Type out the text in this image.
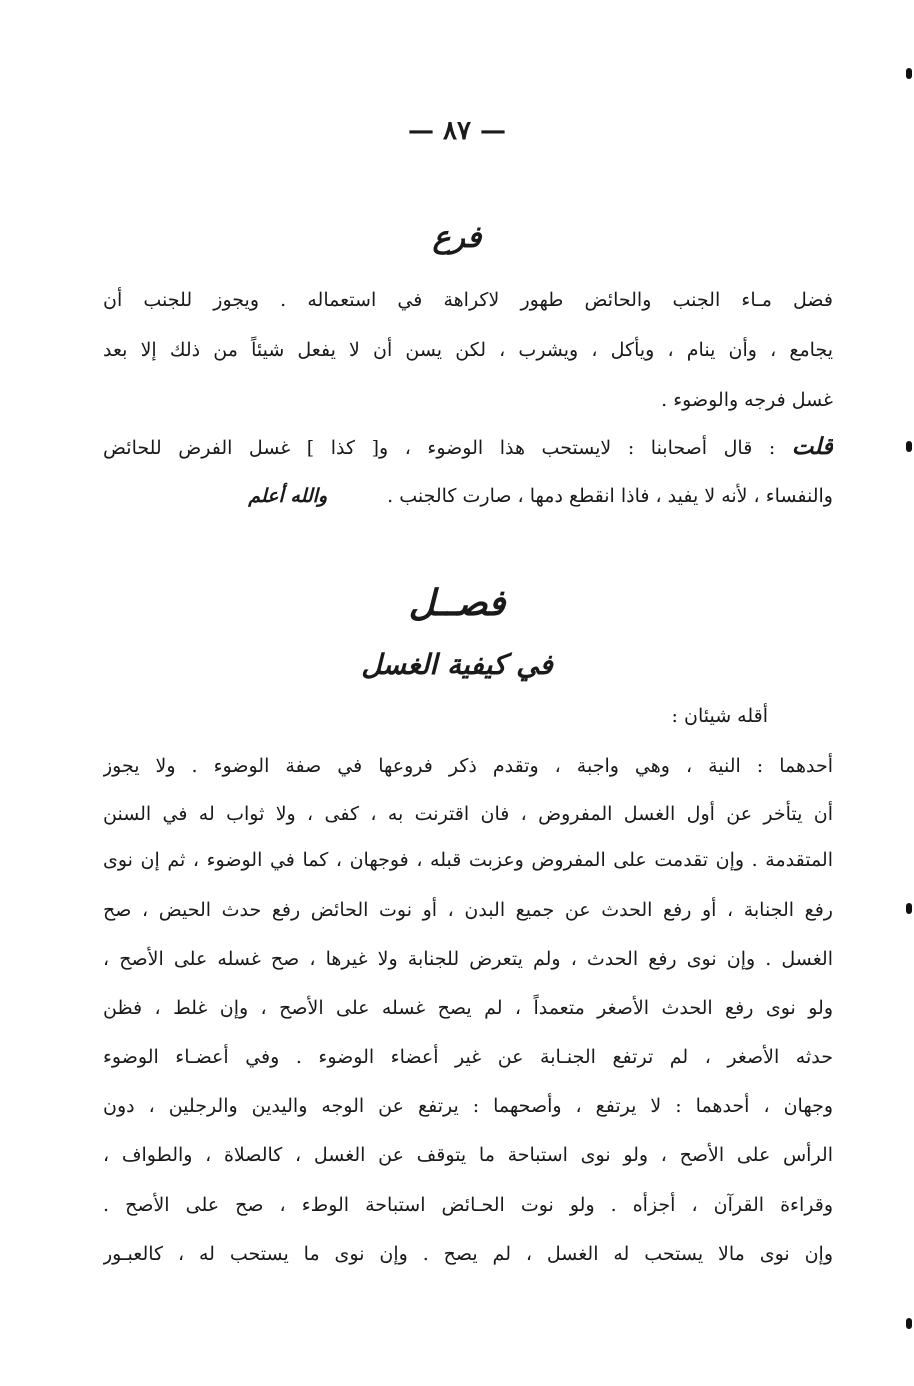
— ٨٧ —
فرع
فضل مـاء الجنب والحائض طهور لاكراهة في استعماله . ويجوز للجنب أن
يجامع ، وأن ينام ، ويأكل ، ويشرب ، لكن يسن أن لا يفعل شيئاً من ذلك إلا بعد
غسل فرجه والوضوء .
قلت : قال أصحابنا : لايستحب هذا الوضوء ، و[ كذا ] غسل الفرض للحائض
والنفساء ، لأنه لا يفيد ، فاذا انقطع دمها ، صارت كالجنب .والله أعلم
فصــل
في كيفية الغسل
أقله شيئان :
أحدهما : النية ، وهي واجبة ، وتقدم ذكر فروعها في صفة الوضوء . ولا يجوز
أن يتأخر عن أول الغسل المفروض ، فان اقترنت به ، كفى ، ولا ثواب له في السنن
المتقدمة . وإن تقدمت على المفروض وعزبت قبله ، فوجهان ، كما في الوضوء ، ثم إن نوى
رفع الجنابة ، أو رفع الحدث عن جميع البدن ، أو نوت الحائض رفع حدث الحيض ، صح
الغسل . وإن نوى رفع الحدث ، ولم يتعرض للجنابة ولا غيرها ، صح غسله على الأصح ،
ولو نوى رفع الحدث الأصغر متعمداً ، لم يصح غسله على الأصح ، وإن غلط ، فظن
حدثه الأصغر ، لم ترتفع الجنـابة عن غير أعضاء الوضوء . وفي أعضـاء الوضوء
وجهان ، أحدهما : لا يرتفع ، وأصحهما : يرتفع عن الوجه واليدين والرجلين ، دون
الرأس على الأصح ، ولو نوى استباحة ما يتوقف عن الغسل ، كالصلاة ، والطواف ،
وقراءة القرآن ، أجزأه . ولو نوت الحـائض استباحة الوطء ، صح على الأصح .
وإن نوى مالا يستحب له الغسل ، لم يصح . وإن نوى ما يستحب له ، كالعبـور
